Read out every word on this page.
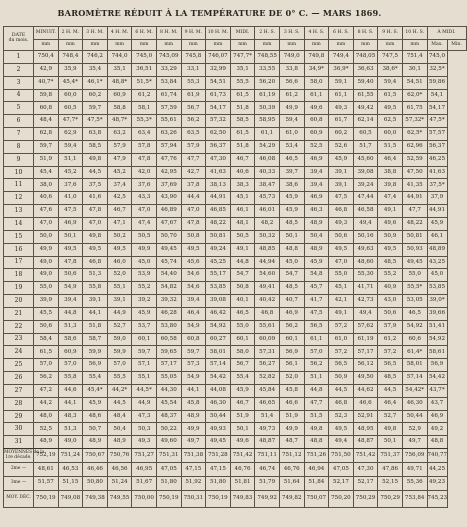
BAROMÈTRE RÉDUIT À LA TEMPÉRATURE DE 0° C. — MARS 1869.
DATE
du mois.	MINUIT.	2 H. M.	3 H. M.	4 H. M.	6 H. M.	8 H. M.	9 H. M.	10 H. M.	MIDI.	2 H. S.	3 H. S.	4 H. S.	6 H. S.	8 H. S.	9 H. S.	10 H. S.	À MIDI.	
	mm	mm	mm	mm	mm	mm	mm	mm	mm	mm	mm	mm	mm	mm	mm	mm	Max.	Min.
1	750,4	748,4	746,2	744,0	745,0	745,09	745,8	746,07	747,7*	748,55	749,0	749,8	749,4	748,05	747,5	751,4	745,0	
2	42,9	35,9	35,4	35,1	36,51	33,29	33,1	32,99	35,1	33,55	33,8	34,9*	36,9*	36,63	38,6*	30,1	32,5*	
3	40,7*	45,4*	46,1*	48,8*	51,5*	53,84	55,3	54,51	55,5	56,20	56,6	58,0	59,1	59,40	59,4	54,51	59,86	
4	59,8	60,0	60,2	60,9	61,2	61,74	61,9	61,73	61,5	61,19	61,2	61,1	61,1	61,55	61,5	62,0*	54,1	
5	60,8	60,5	59,7	58,8	58,1	57,59	56,7	54,17	51,8	50,39	49,9	49,6	49,3	49,42	49,5	61,75	54,17	
6	48,4	47,7*	47,5*	48,7*	55,3*	55,61	56,2	57,32	58,5	58,95	59,4	60,8	61,7	62,14	62,5	57,32*	47,5*	
7	62,8	62,9	63,8	63,2	63,4	63,26	63,5	62,50	61,5	61,1	61,0	60,9	60,2	60,5	60,0	62,5*	57,57	
8	59,7	59,4	58,5	57,9	57,8	57,94	57,9	56,37	51,8	54,29	53,4	52,5	52,6	51,7	51,5	62,96	56,37	
9	51,9	51,1	49,8	47,9	47,8	47,76	47,7	47,30	46,7	46,08	46,5	46,9	45,9	45,60	46,4	52,59	46,25	
10	45,4	45,2	44,5	45,2	42,0	42,95	42,7	41,63	40,6	40,33	39,7	39,4	39,1	39,08	38,8	47,50	41,63	
11	38,0	37,6	37,5	37,4	37,6	37,69	37,8	38,13	38,3	38,47	38,6	39,4	39,1	39,24	39,8	41,35	37,5*	
12	40,6	41,0	41,6	42,5	43,3	43,90	44,4	44,91	45,1	45,73	45,9	46,9	47,5	47,44	47,4	44,91	37,9	
13	47,6	47,5	47,8	46,7	47,0	46,89	47,0	46,85	46,1	46,01	45,9	46,3	46,8	46,58	49,1	47,7	44,91	
14	47,0	46,9	47,0	47,1	47,4	47,67	47,8	48,22	48,1	48,2	48,5	48,9	49,3	49,4	49,6	48,22	45,9	
15	50,0	50,1	49,8	50,2	50,5	50,70	50,8	50,81	50,5	50,32	50,1	50,4	50,6	50,16	50,9	50,81	46,1	
16	49,9	49,5	49,5	49,5	49,9	49,45	49,5	49,24	49,1	48,85	48,8	48,9	49,5	49,63	49,5	50,93	48,89	
17	49,0	47,8	46,8	46,0	45,0	45,74	45,6	45,25	44,8	44,94	45,0	45,9	47,0	48,60	48,5	49,45	43,25	
18	49,0	50,6	51,3	52,0	53,9	54,40	54,6	55,17	54,7	54,60	54,7	54,8	55,0	55,30	55,2	55,0	45,0	
19	55,0	54,9	55,8	55,1	55,2	54,82	54,6	53,85	50,8	49,41	48,5	45,7	45,1	41,71	40,9	55,5*	53,85	
20	39,9	39,4	39,1	39,1	39,2	39,32	39,4	39,08	40,1	40,42	40,7	41,7	42,1	42,73	43,0	53,05	39,0*	
21	45,5	44,8	44,1	44,9	45,9	46,28	46,4	46,42	46,5	46,8	46,9	47,5	49,1	49,4	50,6	46,5	39,66	
22	50,6	51,3	51,8	52,7	53,7	53,80	54,9	54,92	55,0	55,61	56,2	56,5	57,2	57,62	57,9	54,92	51,41	
23	58,4	58,6	58,7	59,0	60,1	60,58	60,8	60,27	60,1	60,09	60,1	61,1	61,0	61,19	61,2	60,6	54,92	
24	61,5	60,9	59,9	59,9	59,7	59,65	59,7	58,01	58,0	57,31	56,9	57,0	57,2	57,17	57,2	61,4*	58,61	
25	57,0	57,0	56,9	57,0	57,1	57,17	57,3	57,14	56,7	56,27	56,1	56,2	56,5	56,12	56,5	58,01	56,9	
26	56,2	55,8	55,4	55,5	55,1	55,05	54,9	54,42	55,4	52,82	52,0	51,1	50,9	49,50	48,5	57,14	54,42	
27	47,2	44,6	45,4*	44,2*	44,5*	44,30	44,1	44,08	45,9	45,84	45,8	44,8	44,5	44,62	44,5	54,42*	43,7*	
28	44,2	44,1	45,9	44,5	44,9	45,54	45,8	46,30	46,7	46,65	46,6	47,7	46,8	46,6	46,4	46,30	43,7	
29	48,0	48,3	48,6	48,4	47,3	48,37	48,9	50,44	51,9	51,4	51,9	51,5	52,3	52,91	52,7	50,44	46,9	
30	52,5	51,3	50,7	50,4	50,3	50,22	49,9	49,93	50,1	49,73	49,9	49,8	49,5	48,95	49,8	52,9	49,2	
31	48,9	49,0	48,9	48,9	49,3	49,60	49,7	49,45	49,6	48,87	48,7	48,8	49,4	48,87	50,1	49,7	48,8	

MOYENNES de la
1re décade.	752,19	751,24	750,67	750,76	751,27	751,31	751,38	751,28	751,42	751,11	751,12	751,26	751,50	751,42	751,37	756,09	740,77	

2me —	48,61	46,53	46,46	46,56	46,95	47,05	47,15	47,15	46,76	46,74	46,76	46,94	47,05	47,30	47,86	49,71	44,25	

3me —	51,57	51,15	50,80	51,24	51,67	51,80	51,92	51,80	51,81	51,79	51,64	51,84	52,17	52,17	52,15	55,36	49,23	
MOY. DÉC.	750,19	749,08	749,38	749,55	750,00	750,19	750,31	750,19	749,83	749,92	749,82	750,07	750,20	750,29	750,29	753,84	745,23	
